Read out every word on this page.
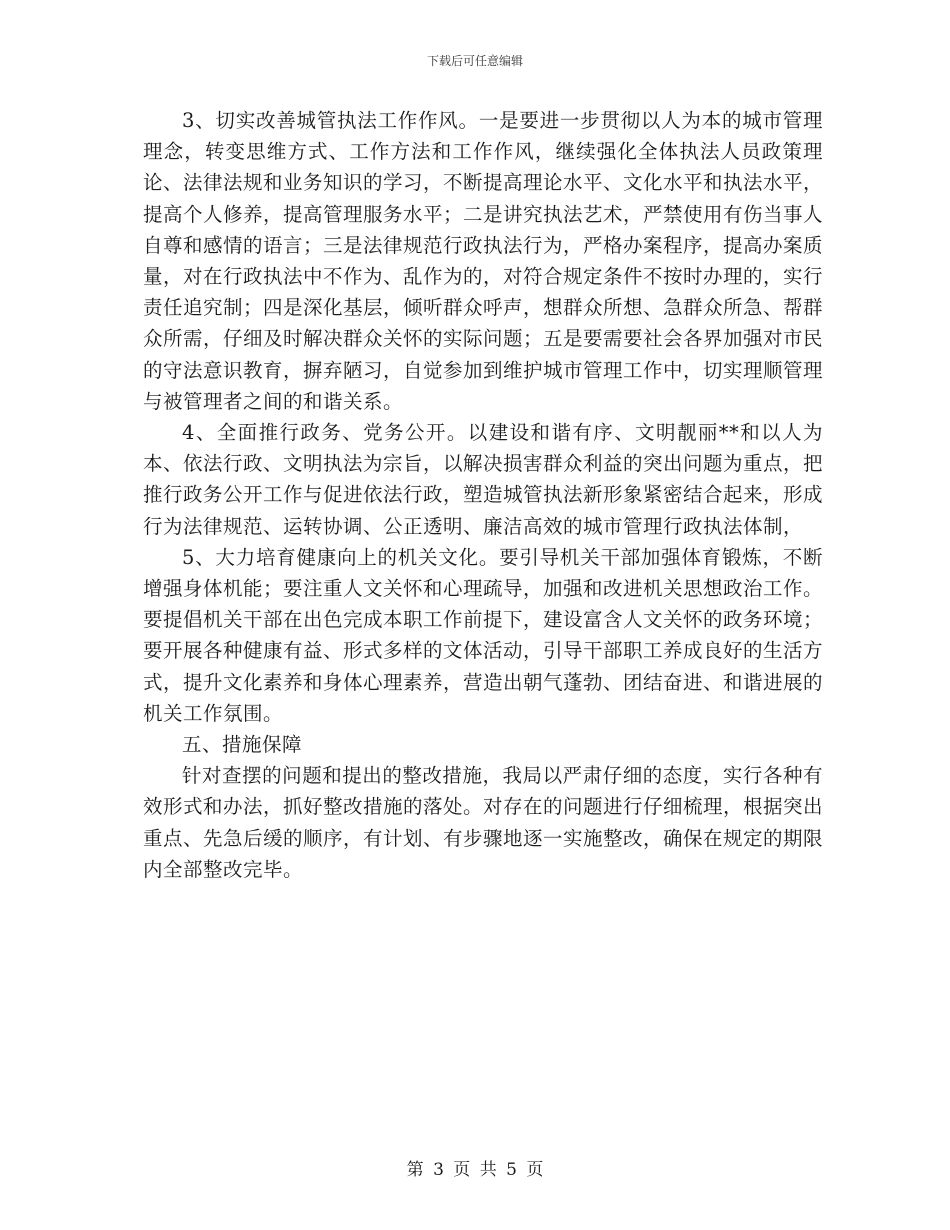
下载后可任意编辑

3、切实改善城管执法工作作风。一是要进一步贯彻以人为本的城市管理理念，转变思维方式、工作方法和工作作风，继续强化全体执法人员政策理论、法律法规和业务知识的学习，不断提高理论水平、文化水平和执法水平，提高个人修养，提高管理服务水平；二是讲究执法艺术，严禁使用有伤当事人自尊和感情的语言；三是法律规范行政执法行为，严格办案程序，提高办案质量，对在行政执法中不作为、乱作为的，对符合规定条件不按时办理的，实行责任追究制；四是深化基层，倾听群众呼声，想群众所想、急群众所急、帮群众所需，仔细及时解决群众关怀的实际问题；五是要需要社会各界加强对市民的守法意识教育，摒弃陋习，自觉参加到维护城市管理工作中，切实理顺管理与被管理者之间的和谐关系。

4、全面推行政务、党务公开。以建设和谐有序、文明靓丽**和以人为本、依法行政、文明执法为宗旨，以解决损害群众利益的突出问题为重点，把推行政务公开工作与促进依法行政，塑造城管执法新形象紧密结合起来，形成行为法律规范、运转协调、公正透明、廉洁高效的城市管理行政执法体制，

5、大力培育健康向上的机关文化。要引导机关干部加强体育锻炼，不断增强身体机能；要注重人文关怀和心理疏导，加强和改进机关思想政治工作。要提倡机关干部在出色完成本职工作前提下，建设富含人文关怀的政务环境；要开展各种健康有益、形式多样的文体活动，引导干部职工养成良好的生活方式，提升文化素养和身体心理素养，营造出朝气蓬勃、团结奋进、和谐进展的机关工作氛围。

五、措施保障

针对查摆的问题和提出的整改措施，我局以严肃仔细的态度，实行各种有效形式和办法，抓好整改措施的落处。对存在的问题进行仔细梳理，根据突出重点、先急后缓的顺序，有计划、有步骤地逐一实施整改，确保在规定的期限内全部整改完毕。

第 3 页 共 5 页
